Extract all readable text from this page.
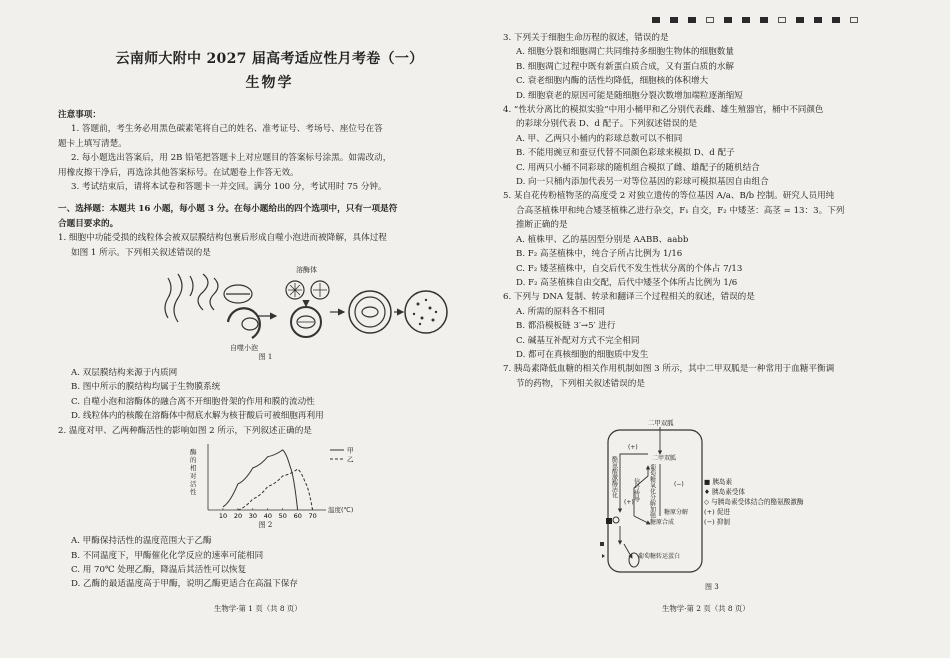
云南师大附中 2027 届高考适应性月考卷（一）
生物学

注意事项：

1. 答题前，考生务必用黑色碳素笔将自己的姓名、准考证号、考场号、座位号在答

题卡上填写清楚。

2. 每小题选出答案后，用 2B 铅笔把答题卡上对应题目的答案标号涂黑。如需改动，

用橡皮擦干净后，再选涂其他答案标号。在试题卷上作答无效。

3. 考试结束后，请将本试卷和答题卡一并交回。满分 100 分，考试用时 75 分钟。

一、选择题：本题共 16 小题，每小题 3 分。在每小题给出的四个选项中，只有一项是符

合题目要求的。

1. 细胞中功能受损的线粒体会被双层膜结构包裹后形成自噬小泡进而被降解，具体过程

如图 1 所示。下列相关叙述错误的是

溶酶体
自噬小泡

图 1

A. 双层膜结构来源于内质网

B. 图中所示的膜结构均属于生物膜系统

C. 自噬小泡和溶酶体的融合离不开细胞骨架的作用和膜的流动性

D. 线粒体内的核酸在溶酶体中彻底水解为核苷酸后可被细胞再利用

2. 温度对甲、乙两种酶活性的影响如图 2 所示，下列叙述正确的是

酶的相对活性
10 20 30 40 50 60 70
甲
乙
温度(℃)

图 2

A. 甲酶保持活性的温度范围大于乙酶

B. 不同温度下，甲酶催化化学反应的速率可能相同

C. 用 70℃ 处理乙酶，降温后其活性可以恢复

D. 乙酶的最适温度高于甲酶，说明乙酶更适合在高温下保存

生物学·第 1 页（共 8 页）

3. 下列关于细胞生命历程的叙述，错误的是

A. 细胞分裂和细胞凋亡共同维持多细胞生物体的细胞数量

B. 细胞凋亡过程中既有新蛋白质合成，又有蛋白质的水解

C. 衰老细胞内酶的活性均降低，细胞核的体积增大

D. 细胞衰老的原因可能是随细胞分裂次数增加端粒逐渐缩短

4. “性状分离比的模拟实验”中用小桶甲和乙分别代表雌、雄生殖器官，桶中不同颜色

的彩球分别代表 D、d 配子。下列叙述错误的是

A. 甲、乙两只小桶内的彩球总数可以不相同

B. 不能用豌豆和蚕豆代替不同颜色彩球来模拟 D、d 配子

C. 用两只小桶不同彩球的随机组合模拟了雌、雄配子的随机结合

D. 向一只桶内添加代表另一对等位基因的彩球可模拟基因自由组合

5. 某自花传粉植物茎的高度受 2 对独立遗传的等位基因 A/a、B/b 控制。研究人员用纯

合高茎植株甲和纯合矮茎植株乙进行杂交，F₁ 自交，F₂ 中矮茎：高茎 = 13：3。下列

推断正确的是

A. 植株甲、乙的基因型分别是 AABB、aabb

B. F₂ 高茎植株中，纯合子所占比例为 1/16

C. F₂ 矮茎植株中，自交后代不发生性状分离的个体占 7/13

D. F₂ 高茎植株自由交配，后代中矮茎个体所占比例为 1/6

6. 下列与 DNA 复制、转录和翻译三个过程相关的叙述，错误的是

A. 所需的原料各不相同

B. 都沿模板链 3′→5′ 进行

C. 碱基互补配对方式不完全相同

D. 都可在真核细胞的细胞质中发生

7. 胰岛素降低血糖的相关作用机制如图 3 所示，其中二甲双胍是一种常用于血糖平衡调

节的药物，下列相关叙述错误的是

二甲双胍
酪氨酸激酶活化	信号传导 葡萄糖氧化分解加强
二甲双胍
糖原分解
糖原合成
(+)
(+)
(−)
葡萄糖转运蛋白
图 3
■ 胰岛素
♦ 胰岛素受体
◇ 与胰岛素受体结合的酪氨酸激酶
(+) 促进
(−) 抑制
生物学·第 2 页（共 8 页）
